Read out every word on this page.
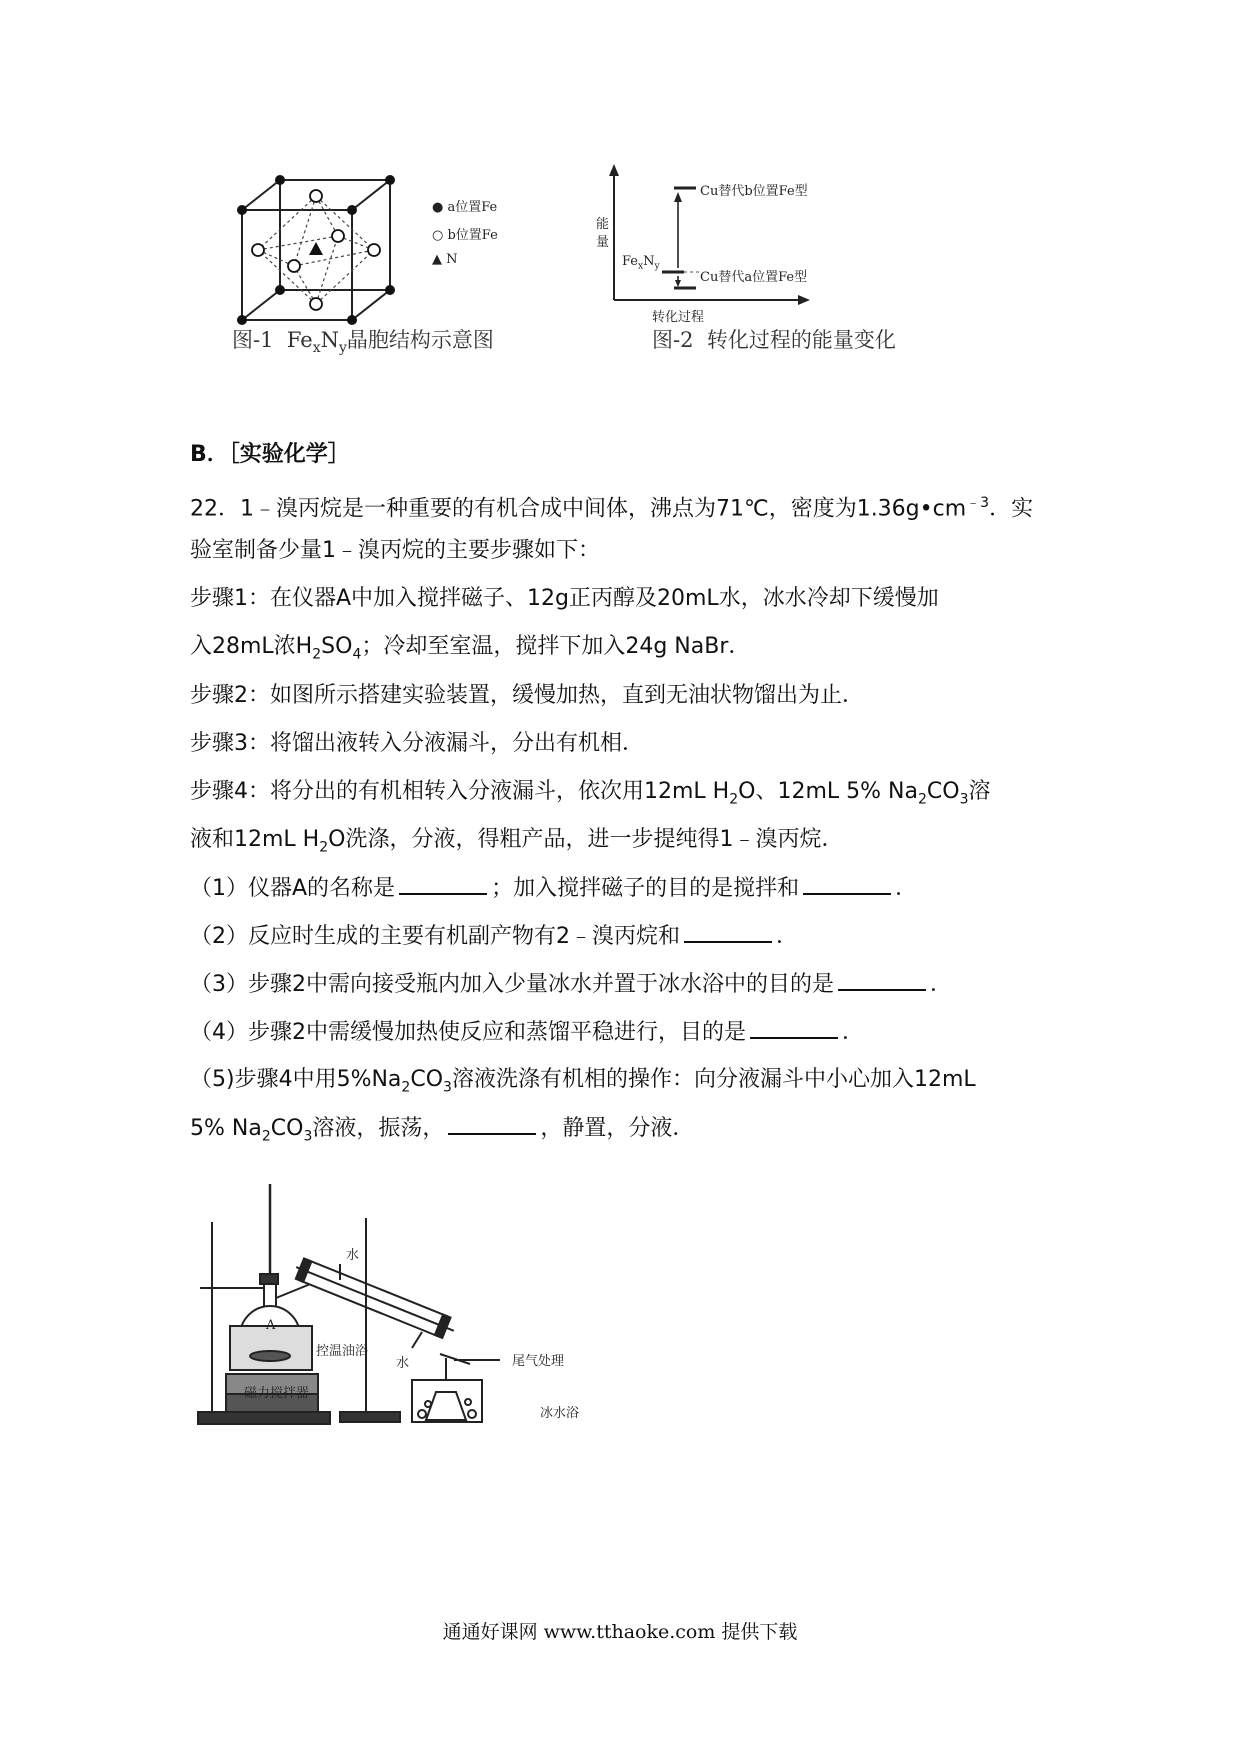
● a位置Fe
○ b位置Fe
▲ N
图-1 $Fe_xN_y$晶胞结构示意图
能
量
Cu替代b位置Fe型
$Fe_xN_y$
Cu替代a位置Fe型
转化过程
图-2 转化过程的能量变化
B．［实验化学］
22．1﹣溴丙烷是一种重要的有机合成中间体，沸点为71℃，密度为$1.36g•cm^{﹣3}$．实
验室制备少量1﹣溴丙烷的主要步骤如下：
步骤1：在仪器A中加入搅拌磁子、12g正丙醇及20mL水，冰水冷却下缓慢加
入28mL浓$H_2SO_4$；冷却至室温，搅拌下加入24g NaBr．
步骤2：如图所示搭建实验装置，缓慢加热，直到无油状物馏出为止．
步骤3：将馏出液转入分液漏斗，分出有机相．
步骤4：将分出的有机相转入分液漏斗，依次用12mL $H_2O$、12mL 5% $Na_2CO_3$溶
液和12mL $H_2O$洗涤，分液，得粗产品，进一步提纯得1﹣溴丙烷．
（1）仪器A的名称是	；加入搅拌磁子的目的是搅拌和	．
（2）反应时生成的主要有机副产物有2﹣溴丙烷和	．
（3）步骤2中需向接受瓶内加入少量冰水并置于冰水浴中的目的是	．
（4）步骤2中需缓慢加热使反应和蒸馏平稳进行，目的是	．
（5)步骤4中用$5\%Na_2CO_3$溶液洗涤有机相的操作：向分液漏斗中小心加入12mL
5% $Na_2CO_3$溶液，振荡，	，静置，分液．
A
水
水
控温油浴
磁力搅拌器
尾气处理
冰水浴
通通好课网 www.tthaoke.com 提供下载
